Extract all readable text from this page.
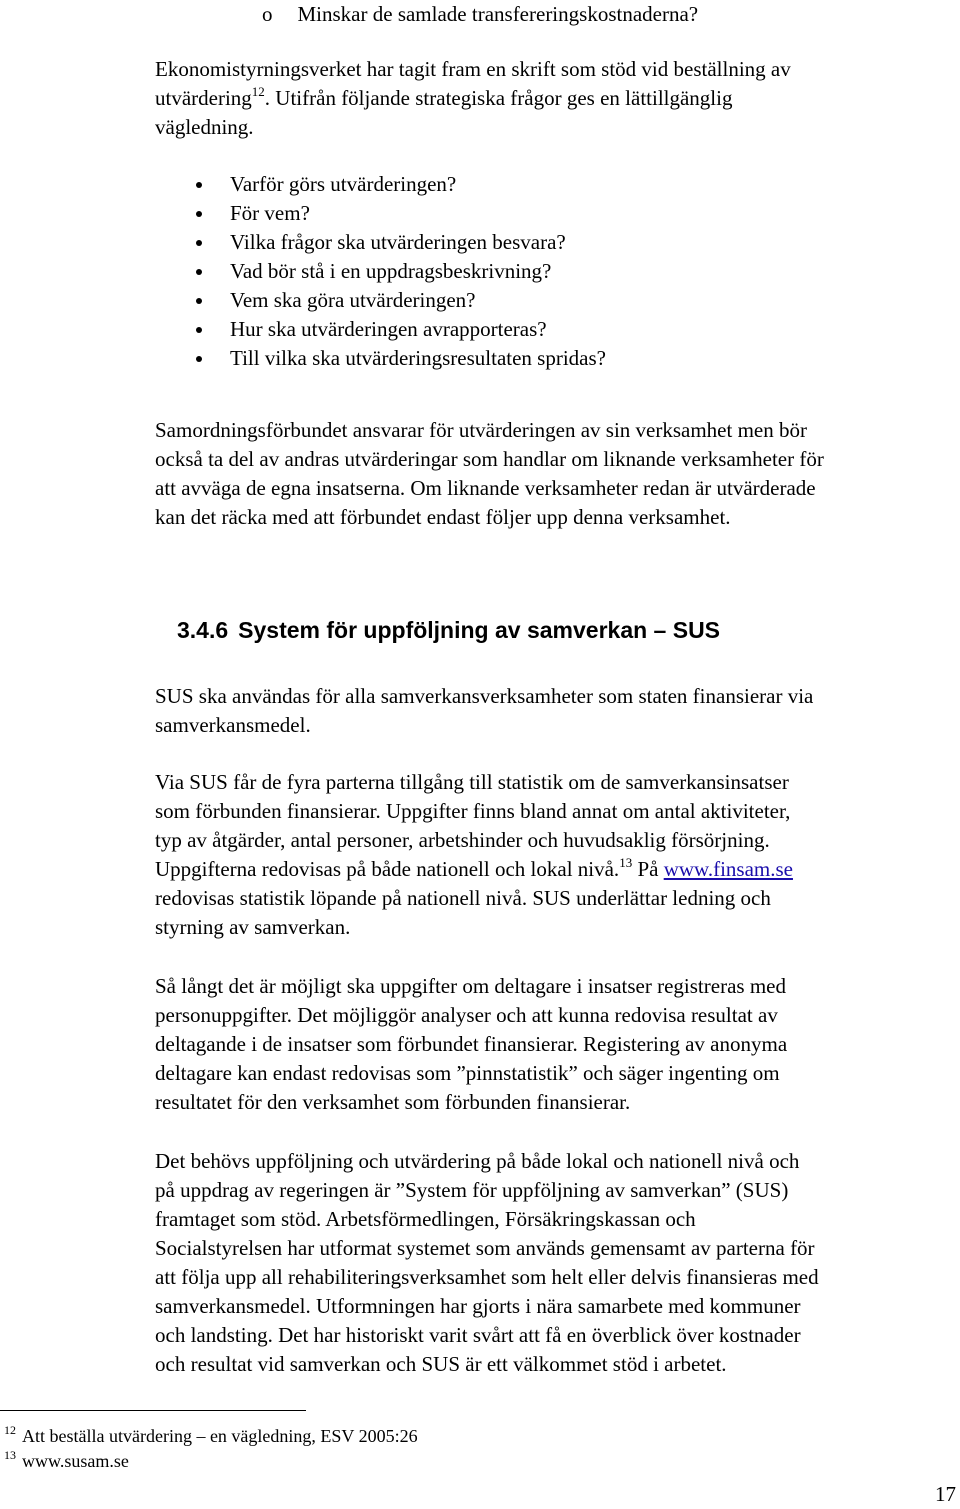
o Minskar de samlade transfereringskostnaderna?
Ekonomistyrningsverket har tagit fram en skrift som stöd vid beställning av
utvärdering$^{12}$. Utifrån följande strategiska frågor ges en lättillgänglig
vägledning.
Varför görs utvärderingen?
För vem?
Vilka frågor ska utvärderingen besvara?
Vad bör stå i en uppdragsbeskrivning?
Vem ska göra utvärderingen?
Hur ska utvärderingen avrapporteras?
Till vilka ska utvärderingsresultaten spridas?
Samordningsförbundet ansvarar för utvärderingen av sin verksamhet men bör
också ta del av andras utvärderingar som handlar om liknande verksamheter för
att avväga de egna insatserna. Om liknande verksamheter redan är utvärderade
kan det räcka med att förbundet endast följer upp denna verksamhet.
3.4.6 System för uppföljning av samverkan – SUS
SUS ska användas för alla samverkansverksamheter som staten finansierar via
samverkansmedel.
Via SUS får de fyra parterna tillgång till statistik om de samverkansinsatser
som förbunden finansierar. Uppgifter finns bland annat om antal aktiviteter,
typ av åtgärder, antal personer, arbetshinder och huvudsaklig försörjning.
Uppgifterna redovisas på både nationell och lokal nivå.$^{13}$ På www.finsam.se
redovisas statistik löpande på nationell nivå. SUS underlättar ledning och
styrning av samverkan.
Så långt det är möjligt ska uppgifter om deltagare i insatser registreras med
personuppgifter. Det möjliggör analyser och att kunna redovisa resultat av
deltagande i de insatser som förbundet finansierar. Registering av anonyma
deltagare kan endast redovisas som ”pinnstatistik” och säger ingenting om
resultatet för den verksamhet som förbunden finansierar.
Det behövs uppföljning och utvärdering på både lokal och nationell nivå och
på uppdrag av regeringen är ”System för uppföljning av samverkan” (SUS)
framtaget som stöd. Arbetsförmedlingen, Försäkringskassan och
Socialstyrelsen har utformat systemet som används gemensamt av parterna för
att följa upp all rehabiliteringsverksamhet som helt eller delvis finansieras med
samverkansmedel. Utformningen har gjorts i nära samarbete med kommuner
och landsting. Det har historiskt varit svårt att få en överblick över kostnader
och resultat vid samverkan och SUS är ett välkommet stöd i arbetet.
$^{12}$ Att beställa utvärdering – en vägledning, ESV 2005:26
$^{13}$ www.susam.se
17
